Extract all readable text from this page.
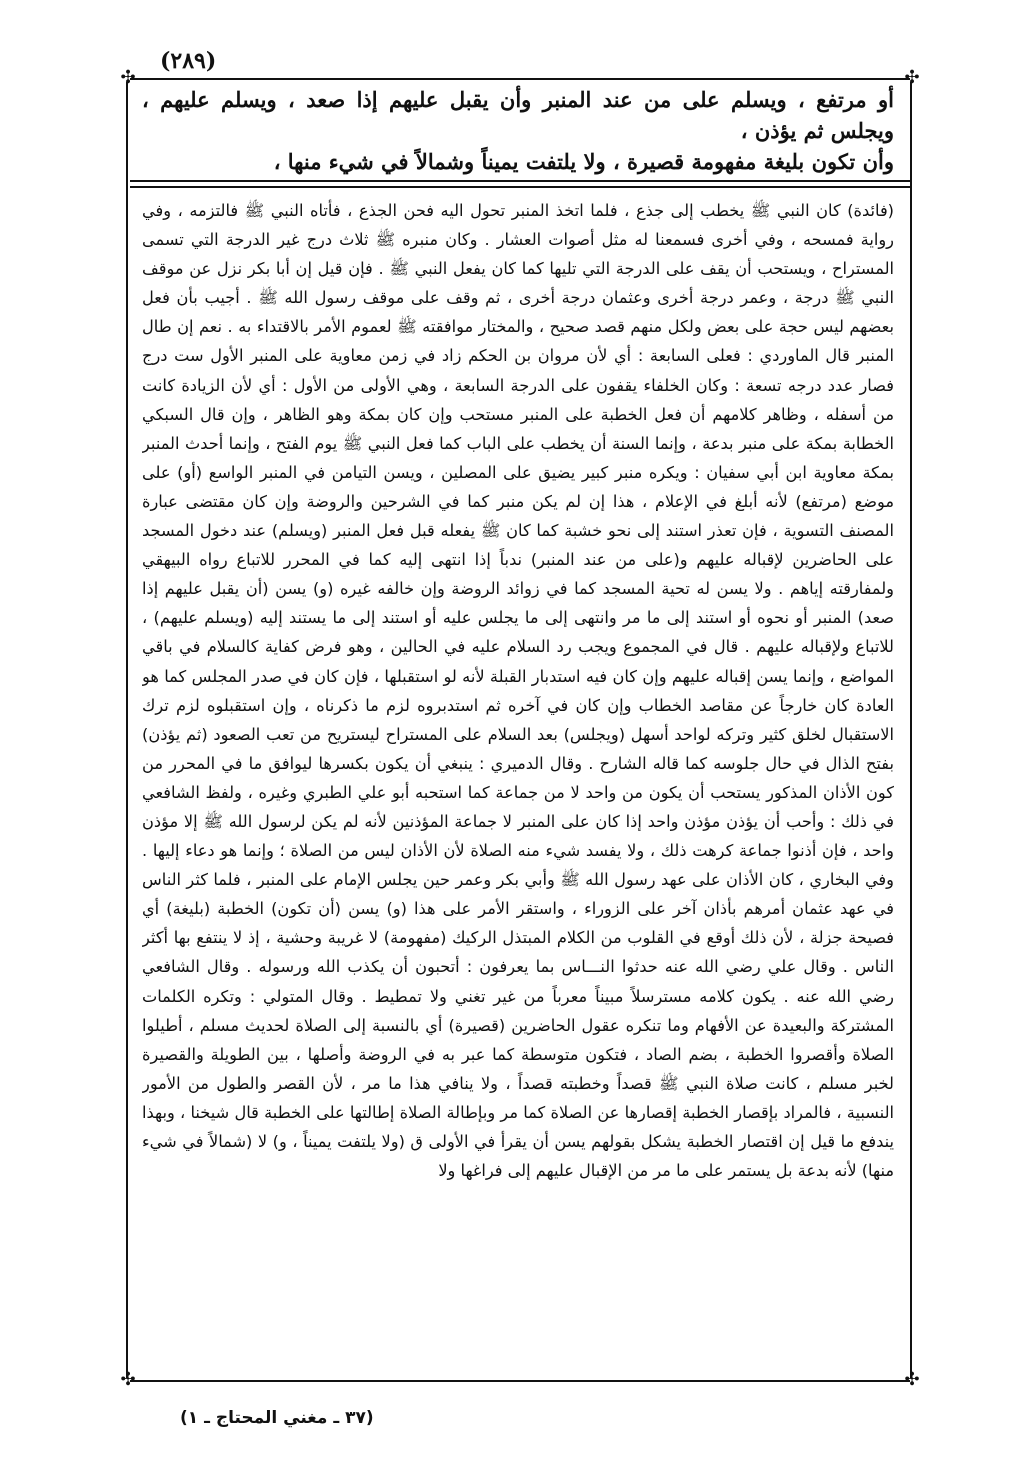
(٢٨٩)
✣	✣
✣	✣

أو مرتفع ، ويسلم على من عند المنبر وأن يقبل عليهم إذا صعد ، ويسلم عليهم ، ويجلس ثم يؤذن ،

وأن تكون بليغة مفهومة قصيرة ، ولا يلتفت يميناً وشمالاً في شيء منها ،

(فائدة) كان النبي ﷺ يخطب إلى جذع ، فلما اتخذ المنبر تحول اليه فحن الجذع ، فأتاه النبي ﷺ فالتزمه ، وفي رواية فمسحه ، وفي أخرى فسمعنا له مثل أصوات العشار . وكان منبره ﷺ ثلاث درج غير الدرجة التي تسمى المستراح ، ويستحب أن يقف على الدرجة التي تليها كما كان يفعل النبي ﷺ . فإن قيل إن أبا بكر نزل عن موقف النبي ﷺ درجة ، وعمر درجة أخرى وعثمان درجة أخرى ، ثم وقف على موقف رسول الله ﷺ . أجيب بأن فعل بعضهم ليس حجة على بعض ولكل منهم قصد صحيح ، والمختار موافقته ﷺ لعموم الأمر بالاقتداء به . نعم إن طال المنبر قال الماوردي : فعلى السابعة : أي لأن مروان بن الحكم زاد في زمن معاوية على المنبر الأول ست درج فصار عدد درجه تسعة : وكان الخلفاء يقفون على الدرجة السابعة ، وهي الأولى من الأول : أي لأن الزيادة كانت من أسفله ، وظاهر كلامهم أن فعل الخطبة على المنبر مستحب وإن كان بمكة وهو الظاهر ، وإن قال السبكي الخطابة بمكة على منبر بدعة ، وإنما السنة أن يخطب على الباب كما فعل النبي ﷺ يوم الفتح ، وإنما أحدث المنبر بمكة معاوية ابن أبي سفيان : ويكره منبر كبير يضيق على المصلين ، ويسن التيامن في المنبر الواسع (أو) على موضع (مرتفع) لأنه أبلغ في الإعلام ، هذا إن لم يكن منبر كما في الشرحين والروضة وإن كان مقتضى عبارة المصنف التسوية ، فإن تعذر استند إلى نحو خشبة كما كان ﷺ يفعله قبل فعل المنبر (ويسلم) عند دخول المسجد على الحاضرين لإقباله عليهم و(على من عند المنبر) ندباً إذا انتهى إليه كما في المحرر للاتباع رواه البيهقي ولمفارقته إياهم . ولا يسن له تحية المسجد كما في زوائد الروضة وإن خالفه غيره (و) يسن (أن يقبل عليهم إذا صعد) المنبر أو نحوه أو استند إلى ما مر وانتهى إلى ما يجلس عليه أو استند إلى ما يستند إليه (ويسلم عليهم) ، للاتباع ولإقباله عليهم . قال في المجموع ويجب رد السلام عليه في الحالين ، وهو فرض كفاية كالسلام في باقي المواضع ، وإنما يسن إقباله عليهم وإن كان فيه استدبار القبلة لأنه لو استقبلها ، فإن كان في صدر المجلس كما هو العادة كان خارجاً عن مقاصد الخطاب وإن كان في آخره ثم استدبروه لزم ما ذكرناه ، وإن استقبلوه لزم ترك الاستقبال لخلق كثير وتركه لواحد أسهل (ويجلس) بعد السلام على المستراح ليستريح من تعب الصعود (ثم يؤذن) بفتح الذال في حال جلوسه كما قاله الشارح . وقال الدميري : ينبغي أن يكون بكسرها ليوافق ما في المحرر من كون الأذان المذكور يستحب أن يكون من واحد لا من جماعة كما استحبه أبو علي الطبري وغيره ، ولفظ الشافعي في ذلك : وأحب أن يؤذن مؤذن واحد إذا كان على المنبر لا جماعة المؤذنين لأنه لم يكن لرسول الله ﷺ إلا مؤذن واحد ، فإن أذنوا جماعة كرهت ذلك ، ولا يفسد شيء منه الصلاة لأن الأذان ليس من الصلاة ؛ وإنما هو دعاء إليها . وفي البخاري ، كان الأذان على عهد رسول الله ﷺ وأبي بكر وعمر حين يجلس الإمام على المنبر ، فلما كثر الناس في عهد عثمان أمرهم بأذان آخر على الزوراء ، واستقر الأمر على هذا (و) يسن (أن تكون) الخطبة (بليغة) أي فصيحة جزلة ، لأن ذلك أوقع في القلوب من الكلام المبتذل الركيك (مفهومة) لا غريبة وحشية ، إذ لا ينتفع بها أكثر الناس . وقال علي رضي الله عنه حدثوا النـــاس بما يعرفون : أتحبون أن يكذب الله ورسوله . وقال الشافعي رضي الله عنه . يكون كلامه مسترسلاً مبيناً معرباً من غير تغني ولا تمطيط . وقال المتولي : وتكره الكلمات المشتركة والبعيدة عن الأفهام وما تنكره عقول الحاضرين (قصيرة) أي بالنسبة إلى الصلاة لحديث مسلم ، أطيلوا الصلاة وأقصروا الخطبة ، بضم الصاد ، فتكون متوسطة كما عبر به في الروضة وأصلها ، بين الطويلة والقصيرة لخبر مسلم ، كانت صلاة النبي ﷺ قصداً وخطبته قصداً ، ولا ينافي هذا ما مر ، لأن القصر والطول من الأمور النسبية ، فالمراد بإقصار الخطبة إقصارها عن الصلاة كما مر وبإطالة الصلاة إطالتها على الخطبة قال شيخنا ، وبهذا يندفع ما قيل إن اقتصار الخطبة يشكل بقولهم يسن أن يقرأ في الأولى ق (ولا يلتفت يميناً ، و) لا (شمالاً في شيء منها) لأنه بدعة بل يستمر على ما مر من الإقبال عليهم إلى فراغها ولا

(٣٧ ـ مغني المحتاج ـ ١)
